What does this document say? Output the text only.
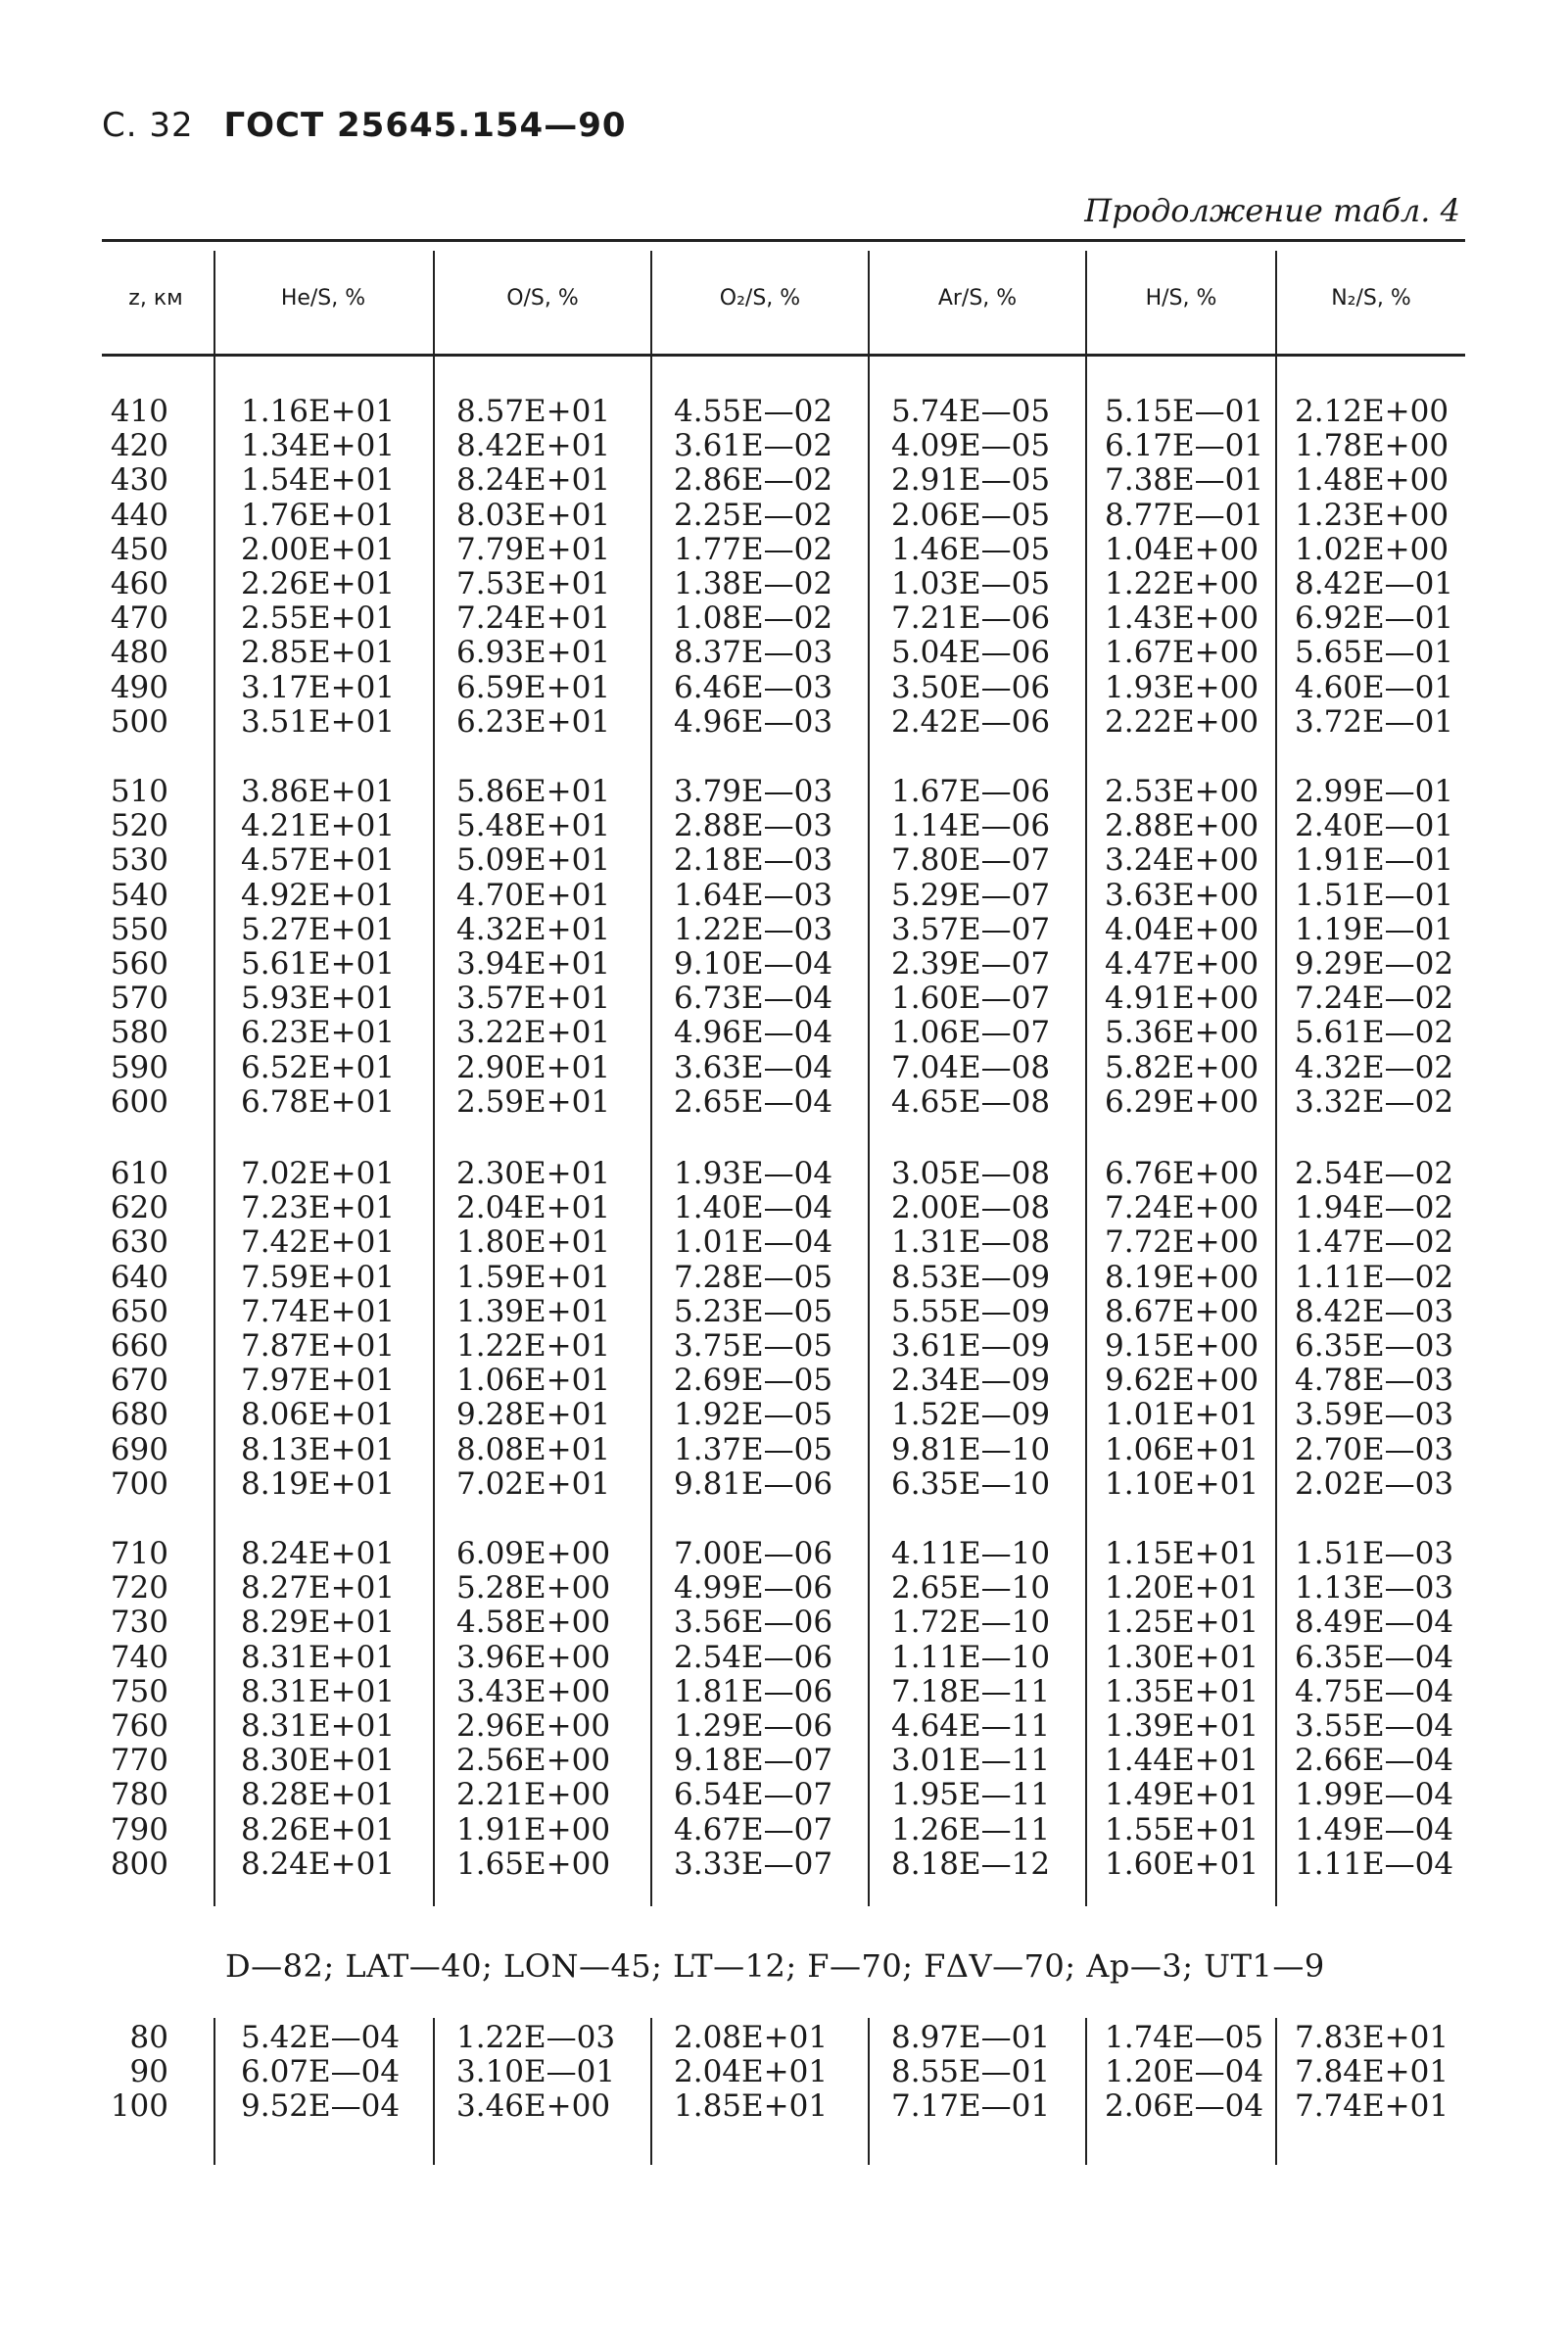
С. 32 ГОСТ 25645.154—90
Продолжение табл. 4
z, км	He/S, %	O/S, %	O₂/S, %	Ar/S, %	H/S, %	N₂/S, %
D—82; LAT—40; LON—45; LT—12; F—70; FΔV—70; Ap—3; UT1—9
410 1.16E+01 8.57E+01 4.55E—02 5.74E—05 5.15E—01 2.12E+00
420 1.34E+01 8.42E+01 3.61E—02 4.09E—05 6.17E—01 1.78E+00
430 1.54E+01 8.24E+01 2.86E—02 2.91E—05 7.38E—01 1.48E+00
440 1.76E+01 8.03E+01 2.25E—02 2.06E—05 8.77E—01 1.23E+00
450 2.00E+01 7.79E+01 1.77E—02 1.46E—05 1.04E+00 1.02E+00
460 2.26E+01 7.53E+01 1.38E—02 1.03E—05 1.22E+00 8.42E—01
470 2.55E+01 7.24E+01 1.08E—02 7.21E—06 1.43E+00 6.92E—01
480 2.85E+01 6.93E+01 8.37E—03 5.04E—06 1.67E+00 5.65E—01
490 3.17E+01 6.59E+01 6.46E—03 3.50E—06 1.93E+00 4.60E—01
500 3.51E+01 6.23E+01 4.96E—03 2.42E—06 2.22E+00 3.72E—01
510 3.86E+01 5.86E+01 3.79E—03 1.67E—06 2.53E+00 2.99E—01
520 4.21E+01 5.48E+01 2.88E—03 1.14E—06 2.88E+00 2.40E—01
530 4.57E+01 5.09E+01 2.18E—03 7.80E—07 3.24E+00 1.91E—01
540 4.92E+01 4.70E+01 1.64E—03 5.29E—07 3.63E+00 1.51E—01
550 5.27E+01 4.32E+01 1.22E—03 3.57E—07 4.04E+00 1.19E—01
560 5.61E+01 3.94E+01 9.10E—04 2.39E—07 4.47E+00 9.29E—02
570 5.93E+01 3.57E+01 6.73E—04 1.60E—07 4.91E+00 7.24E—02
580 6.23E+01 3.22E+01 4.96E—04 1.06E—07 5.36E+00 5.61E—02
590 6.52E+01 2.90E+01 3.63E—04 7.04E—08 5.82E+00 4.32E—02
600 6.78E+01 2.59E+01 2.65E—04 4.65E—08 6.29E+00 3.32E—02
610 7.02E+01 2.30E+01 1.93E—04 3.05E—08 6.76E+00 2.54E—02
620 7.23E+01 2.04E+01 1.40E—04 2.00E—08 7.24E+00 1.94E—02
630 7.42E+01 1.80E+01 1.01E—04 1.31E—08 7.72E+00 1.47E—02
640 7.59E+01 1.59E+01 7.28E—05 8.53E—09 8.19E+00 1.11E—02
650 7.74E+01 1.39E+01 5.23E—05 5.55E—09 8.67E+00 8.42E—03
660 7.87E+01 1.22E+01 3.75E—05 3.61E—09 9.15E+00 6.35E—03
670 7.97E+01 1.06E+01 2.69E—05 2.34E—09 9.62E+00 4.78E—03
680 8.06E+01 9.28E+01 1.92E—05 1.52E—09 1.01E+01 3.59E—03
690 8.13E+01 8.08E+01 1.37E—05 9.81E—10 1.06E+01 2.70E—03
700 8.19E+01 7.02E+01 9.81E—06 6.35E—10 1.10E+01 2.02E—03
710 8.24E+01 6.09E+00 7.00E—06 4.11E—10 1.15E+01 1.51E—03
720 8.27E+01 5.28E+00 4.99E—06 2.65E—10 1.20E+01 1.13E—03
730 8.29E+01 4.58E+00 3.56E—06 1.72E—10 1.25E+01 8.49E—04
740 8.31E+01 3.96E+00 2.54E—06 1.11E—10 1.30E+01 6.35E—04
750 8.31E+01 3.43E+00 1.81E—06 7.18E—11 1.35E+01 4.75E—04
760 8.31E+01 2.96E+00 1.29E—06 4.64E—11 1.39E+01 3.55E—04
770 8.30E+01 2.56E+00 9.18E—07 3.01E—11 1.44E+01 2.66E—04
780 8.28E+01 2.21E+00 6.54E—07 1.95E—11 1.49E+01 1.99E—04
790 8.26E+01 1.91E+00 4.67E—07 1.26E—11 1.55E+01 1.49E—04
800 8.24E+01 1.65E+00 3.33E—07 8.18E—12 1.60E+01 1.11E—04
80 5.42E—04 1.22E—03 2.08E+01 8.97E—01 1.74E—05 7.83E+01
90 6.07E—04 3.10E—01 2.04E+01 8.55E—01 1.20E—04 7.84E+01
100 9.52E—04 3.46E+00 1.85E+01 7.17E—01 2.06E—04 7.74E+01
